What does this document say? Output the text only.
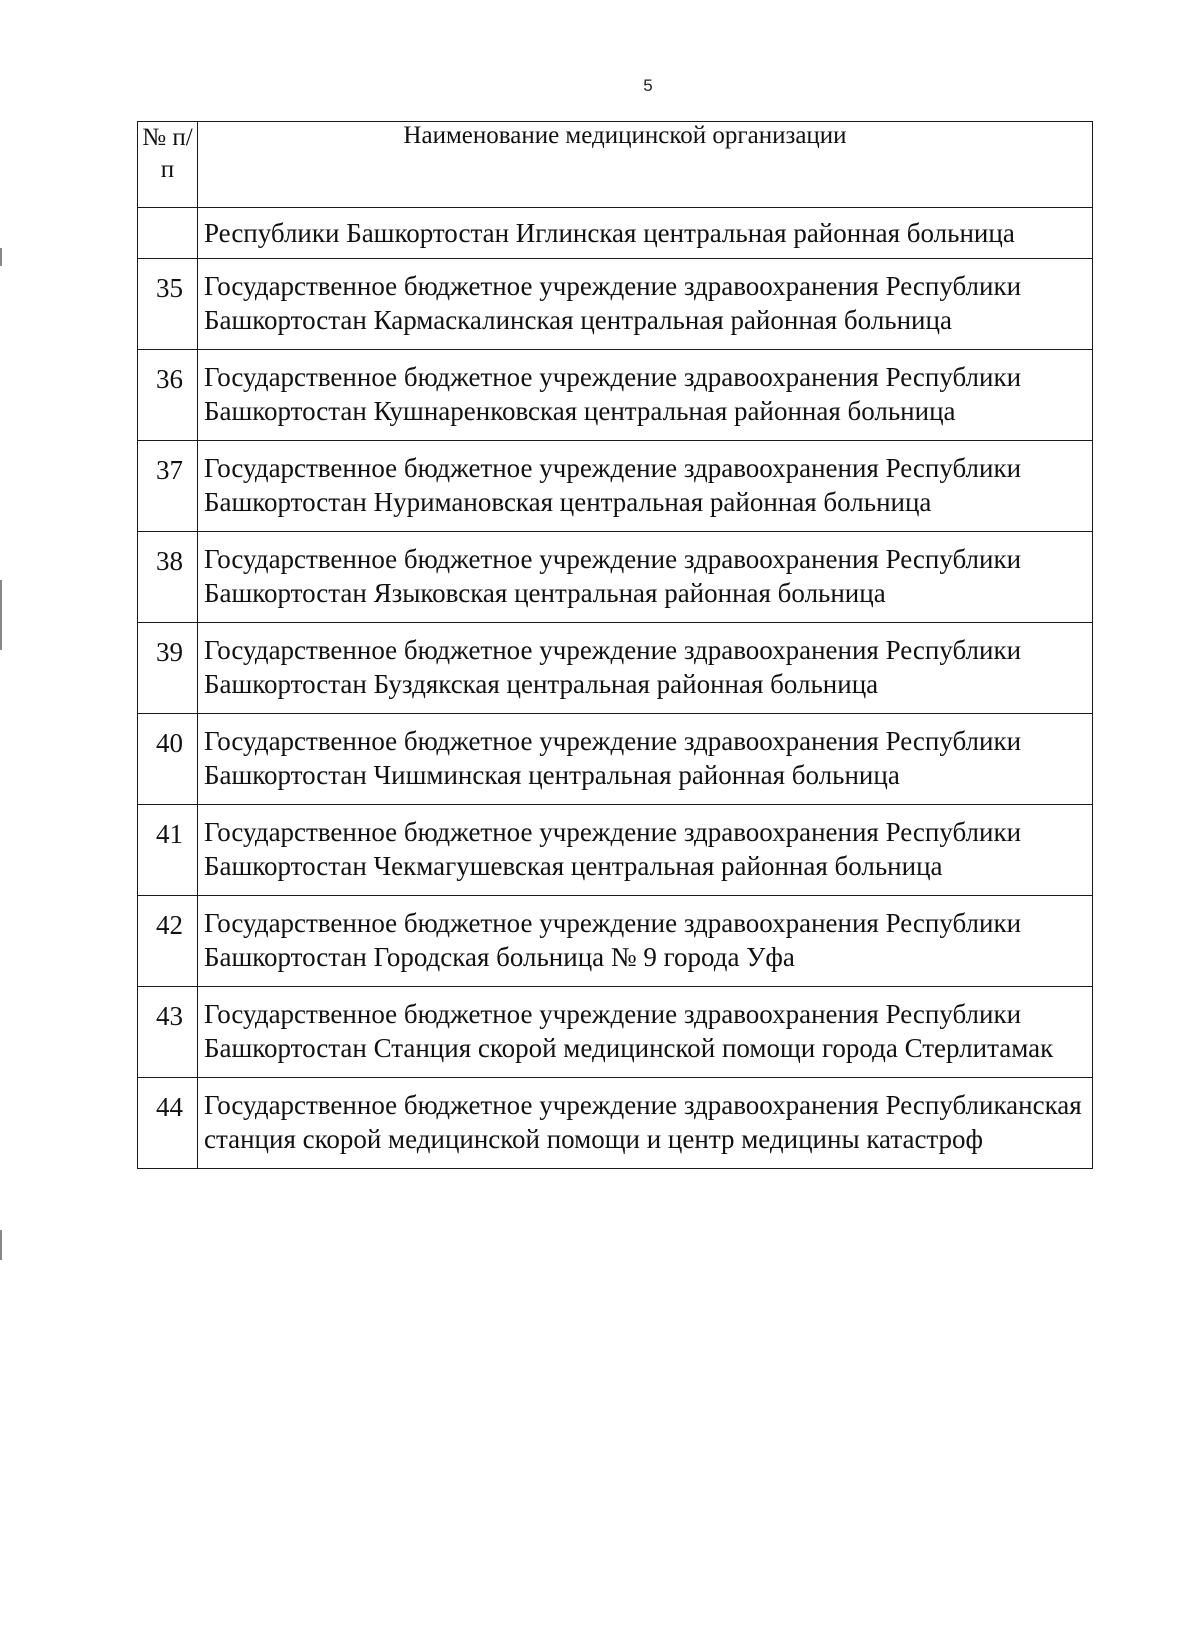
5
№ п/п	Наименование медицинской организации
	Республики Башкортостан Иглинская центральная районная больница
35	Государственное бюджетное учреждение здравоохранения Республики Башкортостан Кармаскалинская центральная районная больница
36	Государственное бюджетное учреждение здравоохранения Республики Башкортостан Кушнаренковская центральная районная больница
37	Государственное бюджетное учреждение здравоохранения Республики Башкортостан Нуримановская центральная районная больница
38	Государственное бюджетное учреждение здравоохранения Республики Башкортостан Языковская центральная районная больница
39	Государственное бюджетное учреждение здравоохранения Республики Башкортостан Буздякская центральная районная больница
40	Государственное бюджетное учреждение здравоохранения Республики Башкортостан Чишминская центральная районная больница
41	Государственное бюджетное учреждение здравоохранения Республики Башкортостан Чекмагушевская центральная районная больница
42	Государственное бюджетное учреждение здравоохранения Республики Башкортостан Городская больница № 9 города Уфа
43	Государственное бюджетное учреждение здравоохранения Республики Башкортостан Станция скорой медицинской помощи города Стерлитамак
44	Государственное бюджетное учреждение здравоохранения Республиканская станция скорой медицинской помощи и центр медицины катастроф
